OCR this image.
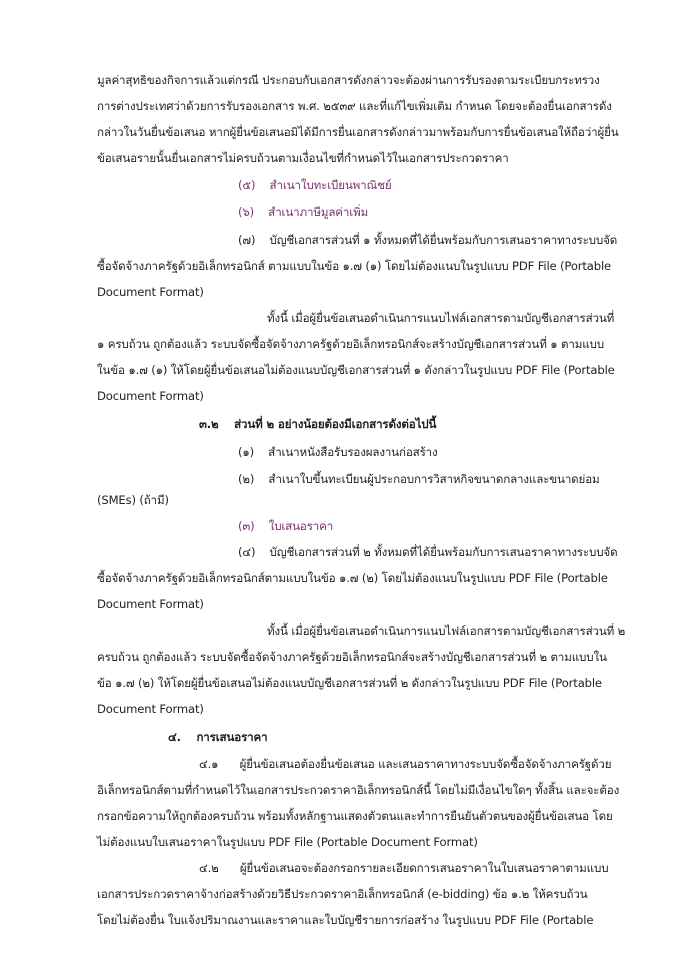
มูลค่าสุทธิของกิจการแล้วแต่กรณี ประกอบกับเอกสารดังกล่าวจะต้องผ่านการรับรองตามระเบียบกระทรวง
การต่างประเทศว่าด้วยการรับรองเอกสาร พ.ศ. ๒๕๓๙ และที่แก้ไขเพิ่มเติม กำหนด โดยจะต้องยื่นเอกสารดัง
กล่าวในวันยื่นข้อเสนอ หากผู้ยื่นข้อเสนอมิได้มีการยื่นเอกสารดังกล่าวมาพร้อมกับการยื่นข้อเสนอให้ถือว่าผู้ยื่น
ข้อเสนอรายนั้นยื่นเอกสารไม่ครบถ้วนตามเงื่อนไขที่กำหนดไว้ในเอกสารประกวดราคา
(๕) สำเนาใบทะเบียนพาณิชย์
(๖) สำเนาภาษีมูลค่าเพิ่ม
(๗) บัญชีเอกสารส่วนที่ ๑ ทั้งหมดที่ได้ยื่นพร้อมกับการเสนอราคาทางระบบจัด
ซื้อจัดจ้างภาครัฐด้วยอิเล็กทรอนิกส์ ตามแบบในข้อ ๑.๗ (๑) โดยไม่ต้องแนบในรูปแบบ PDF File (Portable
Document Format)
ทั้งนี้ เมื่อผู้ยื่นข้อเสนอดำเนินการแนบไฟล์เอกสารตามบัญชีเอกสารส่วนที่
๑ ครบถ้วน ถูกต้องแล้ว ระบบจัดซื้อจัดจ้างภาครัฐด้วยอิเล็กทรอนิกส์จะสร้างบัญชีเอกสารส่วนที่ ๑ ตามแบบ
ในข้อ ๑.๗ (๑) ให้โดยผู้ยื่นข้อเสนอไม่ต้องแนบบัญชีเอกสารส่วนที่ ๑ ดังกล่าวในรูปแบบ PDF File (Portable
Document Format)
๓.๒ ส่วนที่ ๒ อย่างน้อยต้องมีเอกสารดังต่อไปนี้
(๑) สำเนาหนังสือรับรองผลงานก่อสร้าง
(๒) สำเนาใบขึ้นทะเบียนผู้ประกอบการวิสาหกิจขนาดกลางและขนาดย่อม
(SMEs) (ถ้ามี)
(๓) ใบเสนอราคา
(๔) บัญชีเอกสารส่วนที่ ๒ ทั้งหมดที่ได้ยื่นพร้อมกับการเสนอราคาทางระบบจัด
ซื้อจัดจ้างภาครัฐด้วยอิเล็กทรอนิกส์ตามแบบในข้อ ๑.๗ (๒) โดยไม่ต้องแนบในรูปแบบ PDF File (Portable
Document Format)
ทั้งนี้ เมื่อผู้ยื่นข้อเสนอดำเนินการแนบไฟล์เอกสารตามบัญชีเอกสารส่วนที่ ๒
ครบถ้วน ถูกต้องแล้ว ระบบจัดซื้อจัดจ้างภาครัฐด้วยอิเล็กทรอนิกส์จะสร้างบัญชีเอกสารส่วนที่ ๒ ตามแบบใน
ข้อ ๑.๗ (๒) ให้โดยผู้ยื่นข้อเสนอไม่ต้องแนบบัญชีเอกสารส่วนที่ ๒ ดังกล่าวในรูปแบบ PDF File (Portable
Document Format)
๔. การเสนอราคา
๔.๑ ผู้ยื่นข้อเสนอต้องยื่นข้อเสนอ และเสนอราคาทางระบบจัดซื้อจัดจ้างภาครัฐด้วย
อิเล็กทรอนิกส์ตามที่กำหนดไว้ในเอกสารประกวดราคาอิเล็กทรอนิกส์นี้ โดยไม่มีเงื่อนไขใดๆ ทั้งสิ้น และจะต้อง
กรอกข้อความให้ถูกต้องครบถ้วน พร้อมทั้งหลักฐานแสดงตัวตนและทำการยืนยันตัวตนของผู้ยื่นข้อเสนอ โดย
ไม่ต้องแนบใบเสนอราคาในรูปแบบ PDF File (Portable Document Format)
๔.๒ ผู้ยื่นข้อเสนอจะต้องกรอกรายละเอียดการเสนอราคาในใบเสนอราคาตามแบบ
เอกสารประกวดราคาจ้างก่อสร้างด้วยวิธีประกวดราคาอิเล็กทรอนิกส์ (e-bidding) ข้อ ๑.๒ ให้ครบถ้วน
โดยไม่ต้องยื่น ใบแจ้งปริมาณงานและราคาและใบบัญชีรายการก่อสร้าง ในรูปแบบ PDF File (Portable
